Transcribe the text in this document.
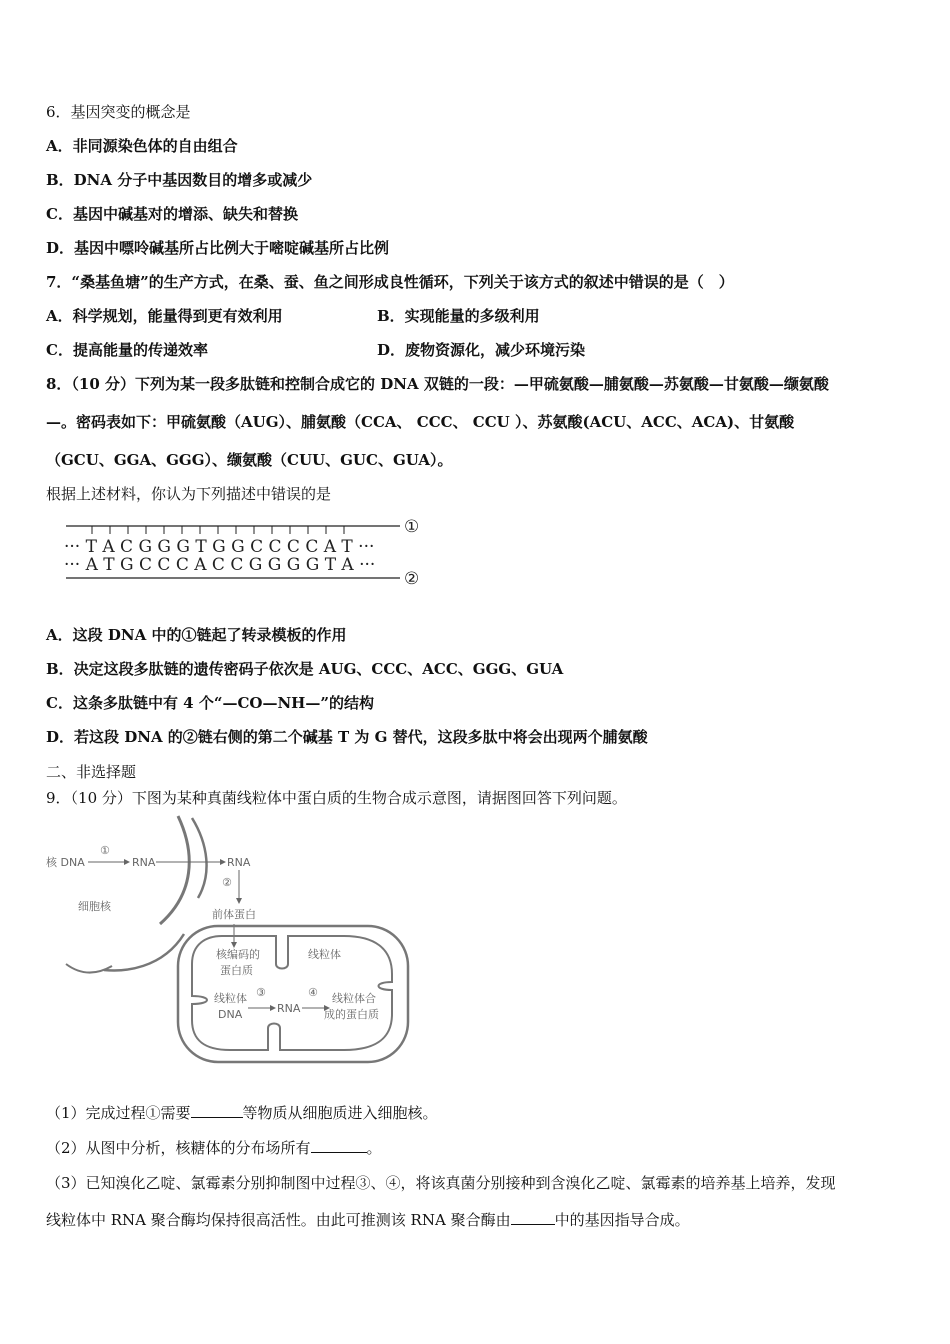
6．基因突变的概念是
A．非同源染色体的自由组合
B．DNA 分子中基因数目的增多或减少
C．基因中碱基对的增添、缺失和替换
D．基因中嘌呤碱基所占比例大于嘧啶碱基所占比例
7．“桑基鱼塘”的生产方式，在桑、蚕、鱼之间形成良性循环，下列关于该方式的叙述中错误的是（　）
A．科学规划，能量得到更有效利用	B．实现能量的多级利用
C．提高能量的传递效率	D．废物资源化，减少环境污染
8．（10 分）下列为某一段多肽链和控制合成它的 DNA 双链的一段：—甲硫氨酸—脯氨酸—苏氨酸—甘氨酸—缬氨酸
—。密码表如下：甲硫氨酸（AUG）、脯氨酸（CCA、 CCC、 CCU ）、苏氨酸(ACU、ACC、ACA)、甘氨酸
（GCU、GGA、GGG）、缬氨酸（CUU、GUC、GUA）。
根据上述材料，你认为下列描述中错误的是
①
··· T A C G G G T G G C C C C A T ···
··· A T G C C C A C C G G G G T A ···
②
A．这段 DNA 中的①链起了转录模板的作用
B．决定这段多肽链的遗传密码子依次是 AUG、CCC、ACC、GGG、GUA
C．这条多肽链中有 4 个“—CO—NH—”的结构
D．若这段 DNA 的②链右侧的第二个碱基 T 为 G 替代，这段多肽中将会出现两个脯氨酸
二、非选择题
9．（10 分）下图为某种真菌线粒体中蛋白质的生物合成示意图，请据图回答下列问题。
核 DNA
①
RNA	RNA
②
前体蛋白
细胞核
核编码的
蛋白质
线粒体
线粒体
DNA
③
RNA
④ 线粒体合
成的蛋白质
（1）完成过程①需要	等物质从细胞质进入细胞核。
（2）从图中分析，核糖体的分布场所有	。
（3）已知溴化乙啶、氯霉素分别抑制图中过程③、④，将该真菌分别接种到含溴化乙啶、氯霉素的培养基上培养，发现
线粒体中 RNA 聚合酶均保持很高活性。由此可推测该 RNA 聚合酶由	中的基因指导合成。
